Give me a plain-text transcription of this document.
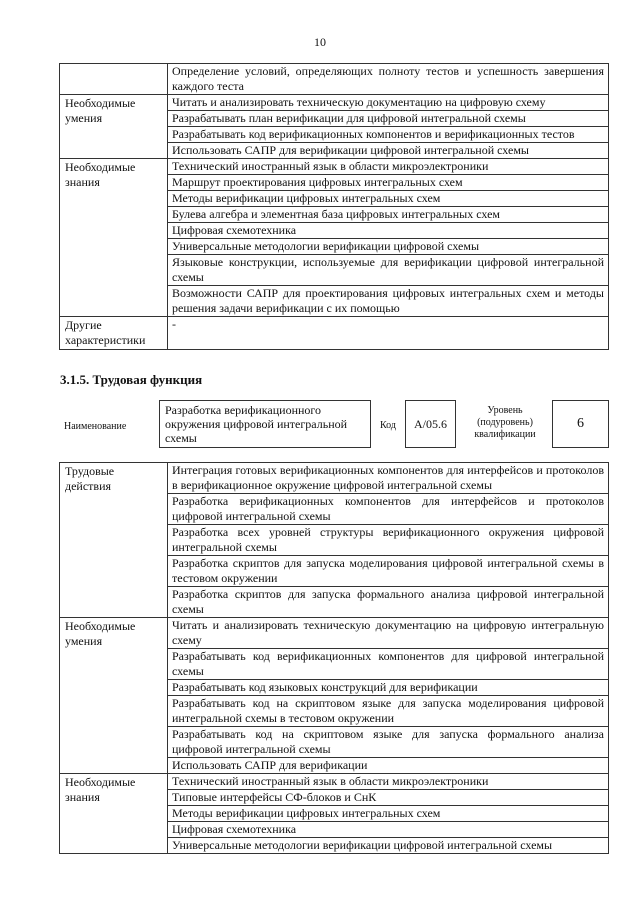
10
	Определение условий, определяющих полноту тестов и успешность завершения каждого теста
Необходимые умения	Читать и анализировать техническую документацию на цифровую схему
	Разрабатывать план верификации для цифровой интегральной схемы
	Разрабатывать код верификационных компонентов и верификационных тестов
	Использовать САПР для верификации цифровой интегральной схемы
Необходимые знания	Технический иностранный язык в области микроэлектроники
	Маршрут проектирования цифровых интегральных схем
	Методы верификации цифровых интегральных схем
	Булева алгебра и элементная база цифровых интегральных схем
	Цифровая схемотехника
	Универсальные методологии верификации цифровой схемы
	Языковые конструкции, используемые для верификации цифровой интегральной схемы
	Возможности САПР для проектирования цифровых интегральных схем и методы решения задачи верификации с их помощью
Другие характеристики	-
3.1.5. Трудовая функция
Наименование
Разработка верификационного окружения цифровой интегральной схемы
Код	A/05.6
Уровень (подуровень) квалификации
6
Трудовые действия	Интеграция готовых верификационных компонентов для интерфейсов и протоколов в верификационное окружение цифровой интегральной схемы
	Разработка верификационных компонентов для интерфейсов и протоколов цифровой интегральной схемы
	Разработка всех уровней структуры верификационного окружения цифровой интегральной схемы
	Разработка скриптов для запуска моделирования цифровой интегральной схемы в тестовом окружении
	Разработка скриптов для запуска формального анализа цифровой интегральной схемы
Необходимые умения	Читать и анализировать техническую документацию на цифровую интегральную схему
	Разрабатывать код верификационных компонентов для цифровой интегральной схемы
	Разрабатывать код языковых конструкций для верификации
	Разрабатывать код на скриптовом языке для запуска моделирования цифровой интегральной схемы в тестовом окружении
	Разрабатывать код на скриптовом языке для запуска формального анализа цифровой интегральной схемы
	Использовать САПР для верификации
Необходимые знания	Технический иностранный язык в области микроэлектроники
	Типовые интерфейсы СФ-блоков и СнК
	Методы верификации цифровых интегральных схем
	Цифровая схемотехника
	Универсальные методологии верификации цифровой интегральной схемы
